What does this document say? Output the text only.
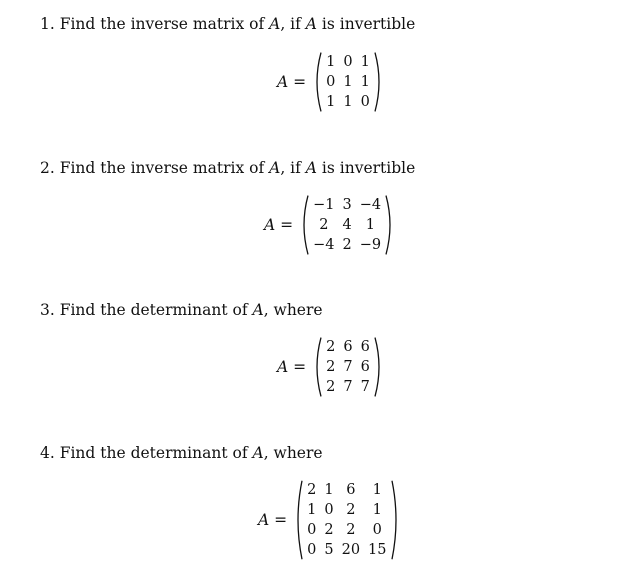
1. Find the inverse matrix of A, if A is invertible
A =
1	0	1
0	1	1
1	1	0
2. Find the inverse matrix of A, if A is invertible
A =
−1	3	−4
2	4	1
−4	2	−9
3. Find the determinant of A, where
A =
2	6	6
2	7	6
2	7	7
4. Find the determinant of A, where
A =
2	1	6	1
1	0	2	1
0	2	2	0
0	5	20	15
